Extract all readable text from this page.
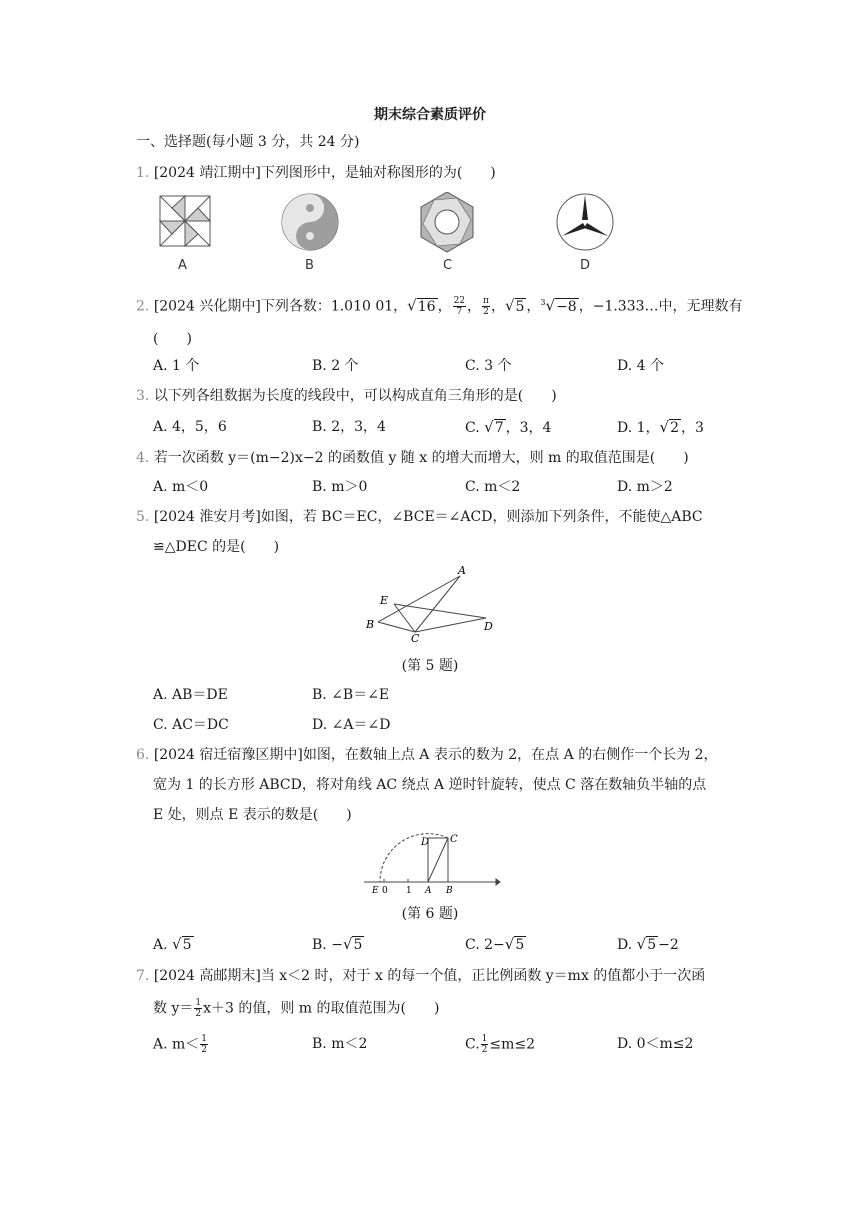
期末综合素质评价
一、选择题(每小题 3 分，共 24 分)
1. [2024 靖江期中]下列图形中，是轴对称图形的为(　　)
A	B	C	D
2. [2024 兴化期中]下列各数：1.010 01，√16 ， $\frac{22}{7}$ ， $\frac{\pi}{2}$ ，√5 ，$^3$√−8 ，−1.333…中，无理数有
(　　)
A. 1 个	B. 2 个	C. 3 个	D. 4 个
3. 以下列各组数据为长度的线段中，可以构成直角三角形的是(　　)
A. 4，5，6	B. 2，3，4	C. √7 ，3，4	D. 1，√2 ，3
4. 若一次函数 y＝(m−2)x−2 的函数值 y 随 x 的增大而增大，则 m 的取值范围是(　　)
A. m＜0	B. m＞0	C. m＜2	D. m＞2
5. [2024 淮安月考]如图，若 BC＝EC，∠BCE＝∠ACD，则添加下列条件，不能使△ABC
≌△DEC 的是(　　)
A
E
B
C
D
(第 5 题)
A. AB＝DE	B. ∠B＝∠E
C. AC＝DC	D. ∠A＝∠D
6. [2024 宿迁宿豫区期中]如图，在数轴上点 A 表示的数为 2，在点 A 的右侧作一个长为 2，
宽为 1 的长方形 ABCD，将对角线 AC 绕点 A 逆时针旋转，使点 C 落在数轴负半轴的点
E 处，则点 E 表示的数是(　　)
D C
E 0 1 A B
(第 6 题)
A. √5	B. −√5	C. 2−√5	D. √5 −2
7. [2024 高邮期末]当 x＜2 时，对于 x 的每一个值，正比例函数 y＝mx 的值都小于一次函
数 $y= \frac{1}{2} x+3$ 的值，则 m 的取值范围为(　　)
A. $m< \frac{1}{2}$	B. m＜2	C. $\frac{1}{2} \le m\le 2$	D. 0＜m≤2
